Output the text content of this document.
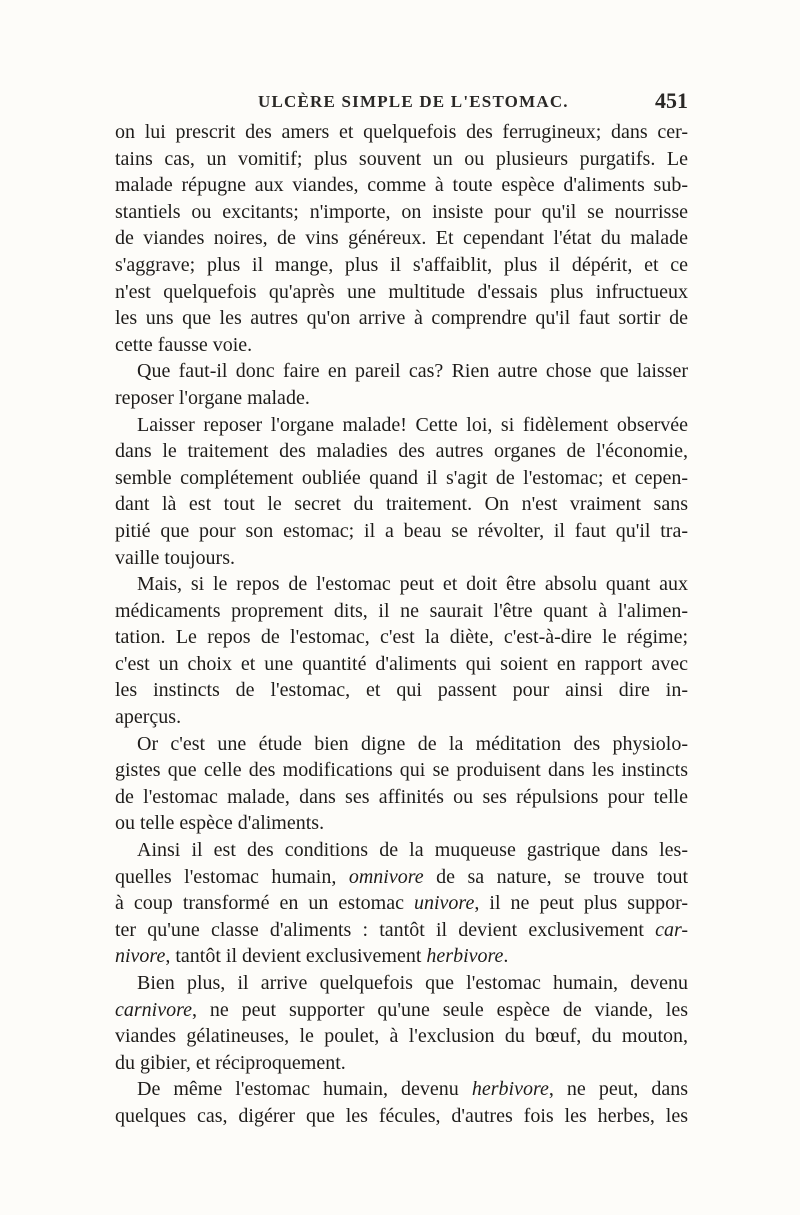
ULCÈRE SIMPLE DE L'ESTOMAC.	451
on lui prescrit des amers et quelquefois des ferrugineux; dans cer-
tains cas, un vomitif; plus souvent un ou plusieurs purgatifs. Le
malade répugne aux viandes, comme à toute espèce d'aliments sub-
stantiels ou excitants; n'importe, on insiste pour qu'il se nourrisse
de viandes noires, de vins généreux. Et cependant l'état du malade
s'aggrave; plus il mange, plus il s'affaiblit, plus il dépérit, et ce
n'est quelquefois qu'après une multitude d'essais plus infructueux
les uns que les autres qu'on arrive à comprendre qu'il faut sortir de
cette fausse voie.
Que faut-il donc faire en pareil cas? Rien autre chose que laisser
reposer l'organe malade.
Laisser reposer l'organe malade! Cette loi, si fidèlement observée
dans le traitement des maladies des autres organes de l'économie,
semble complétement oubliée quand il s'agit de l'estomac; et cepen-
dant là est tout le secret du traitement. On n'est vraiment sans
pitié que pour son estomac; il a beau se révolter, il faut qu'il tra-
vaille toujours.
Mais, si le repos de l'estomac peut et doit être absolu quant aux
médicaments proprement dits, il ne saurait l'être quant à l'alimen-
tation. Le repos de l'estomac, c'est la diète, c'est-à-dire le régime;
c'est un choix et une quantité d'aliments qui soient en rapport avec
les instincts de l'estomac, et qui passent pour ainsi dire in-
aperçus.
Or c'est une étude bien digne de la méditation des physiolo-
gistes que celle des modifications qui se produisent dans les instincts
de l'estomac malade, dans ses affinités ou ses répulsions pour telle
ou telle espèce d'aliments.
Ainsi il est des conditions de la muqueuse gastrique dans les-
quelles l'estomac humain, omnivore de sa nature, se trouve tout
à coup transformé en un estomac univore, il ne peut plus suppor-
ter qu'une classe d'aliments : tantôt il devient exclusivement car-
nivore, tantôt il devient exclusivement herbivore.
Bien plus, il arrive quelquefois que l'estomac humain, devenu
carnivore, ne peut supporter qu'une seule espèce de viande, les
viandes gélatineuses, le poulet, à l'exclusion du bœuf, du mouton,
du gibier, et réciproquement.
De même l'estomac humain, devenu herbivore, ne peut, dans
quelques cas, digérer que les fécules, d'autres fois les herbes, les
